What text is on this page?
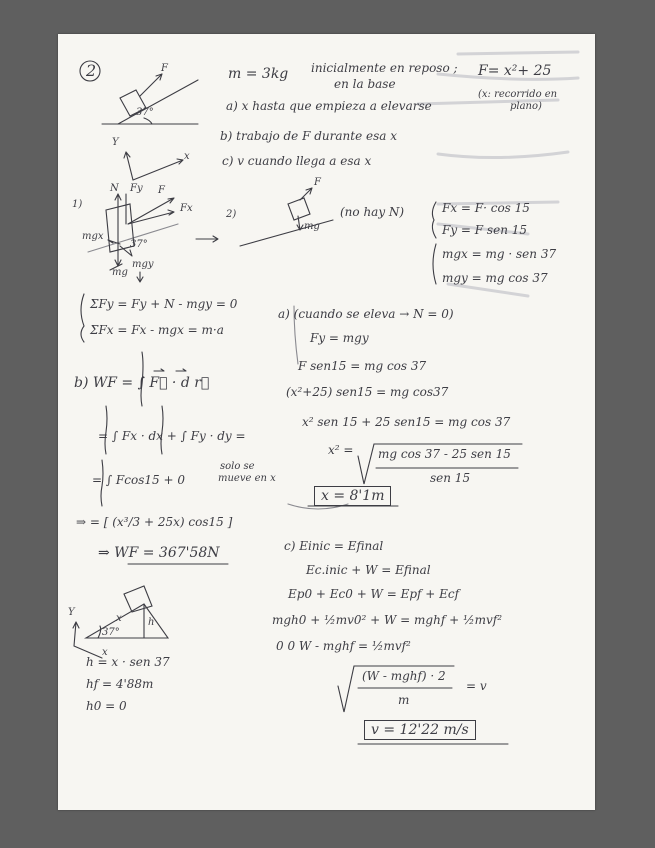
2	F
37°
m = 3kg inicialmente en reposo ;
en la base
F= x²+ 25
(x: recorrido en
plano)
a) x hasta que empieza a elevarse
b) trabajo de F durante esa x
c) v cuando llega a esa x
Y
x
1)
N	F
Fy
Fx
mgx
mg
mgy
37°
2)
F
mg
(no hay N)	Fx = F· cos 15
Fy = F sen 15
mgx = mg · sen 37
mgy = mg cos 37
ΣFy = Fy + N - mgy = 0
ΣFx = Fx - mgx = m·a
a) (cuando se eleva → N = 0)
Fy = mgy
F sen15 = mg cos 37
(x²+25) sen15 = mg cos37
x² sen 15 + 25 sen15 = mg cos 37
x² = mg cos 37 - 25 sen 15
sen 15
x = 8'1m
b) WF = ∫ F⃗ · d r⃗
= ∫ Fx · dx + ∫ Fy · dy =
= ∫ Fcos15 + 0
solo se
mueve en x
⇒ = [ (x³/3 + 25x) cos15 ]
⇒ WF = 367'58N	c) Einic = Efinal
Ec.inic + W = Efinal
Ep0 + Ec0 + W = Epf + Ecf
mgh0 + ½mv0² + W = mghf + ½mvf²
0 0 W - mghf = ½mvf²
(W - mghf) · 2
m
= v
v = 12'22 m/s
Y
x
x	h
37°
h = x · sen 37
hf = 4'88m
h0 = 0
